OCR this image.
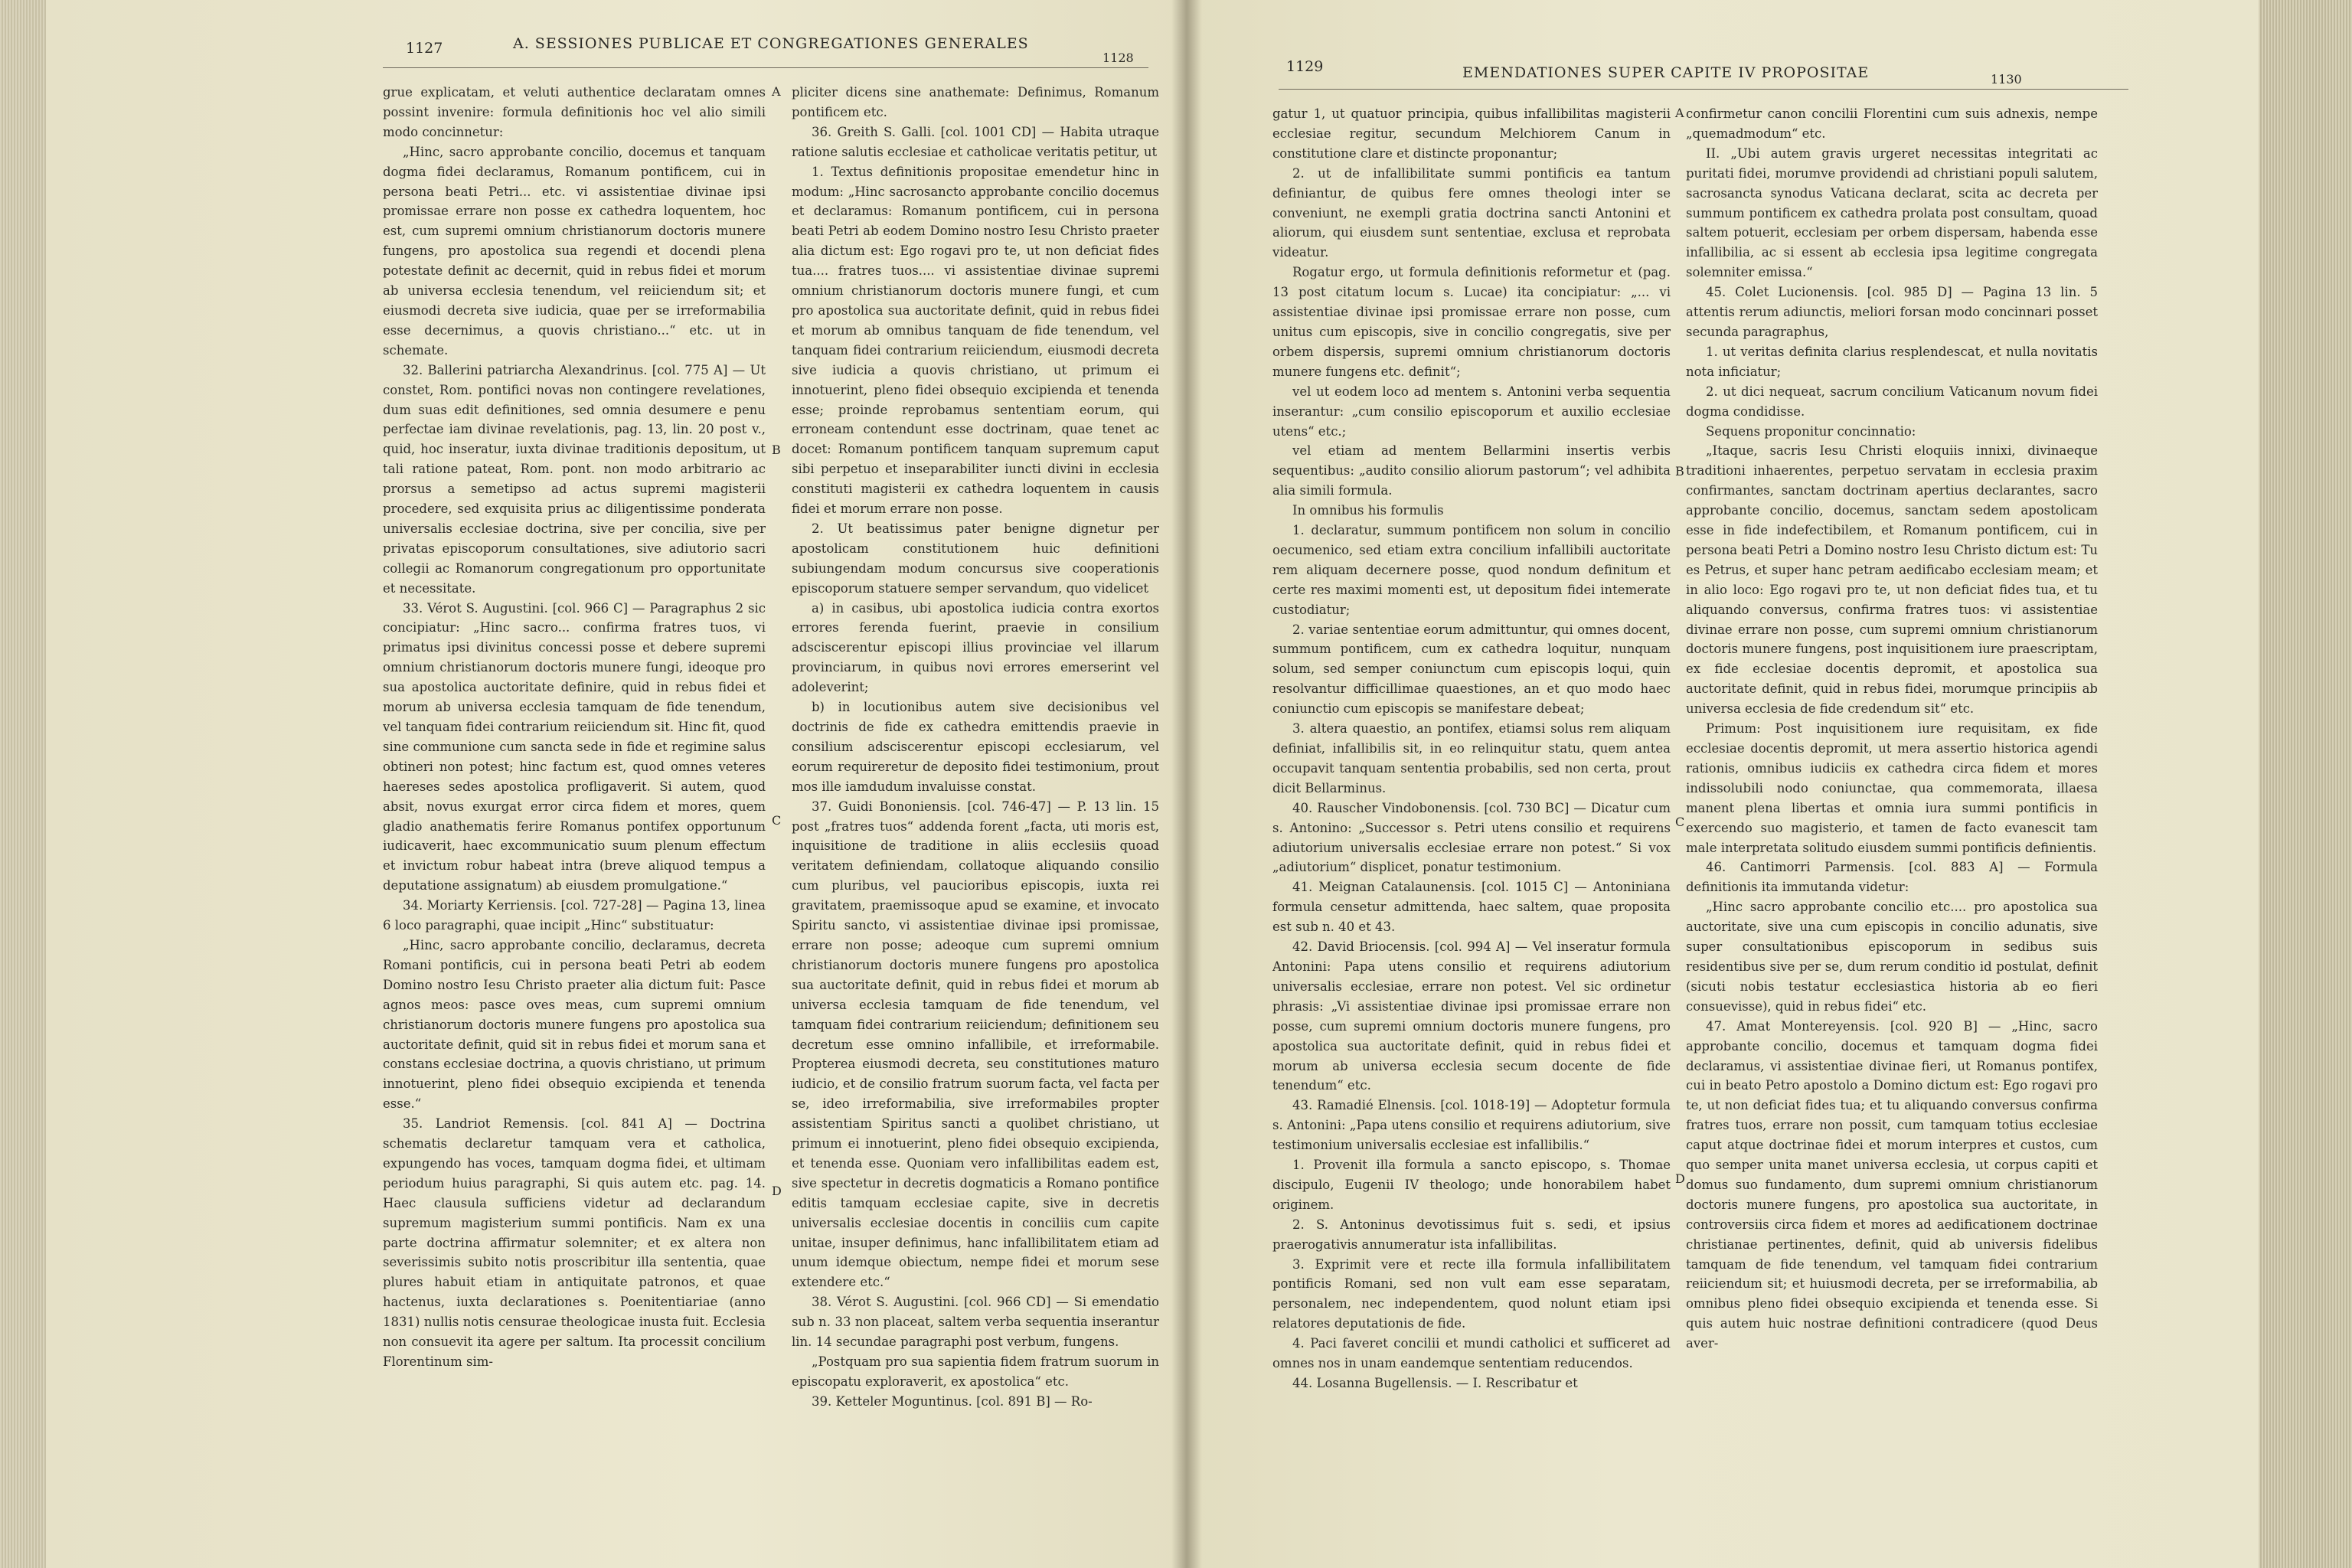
1127	A. SESSIONES PUBLICAE ET CONGREGATIONES GENERALES
1128

grue explicatam, et veluti authentice declaratam omnes possint invenire: formula definitionis hoc vel alio simili modo concinnetur:

„Hinc, sacro approbante concilio, docemus et tanquam dogma fidei declaramus, Romanum pontificem, cui in persona beati Petri... etc. vi assistentiae divinae ipsi promissae errare non posse ex cathedra loquentem, hoc est, cum supremi omnium christianorum doctoris munere fungens, pro apostolica sua regendi et docendi plena potestate definit ac decernit, quid in rebus fidei et morum ab universa ecclesia tenendum, vel reiiciendum sit; et eiusmodi decreta sive iudicia, quae per se irreformabilia esse decernimus, a quovis christiano...“ etc. ut in schemate.

32. Ballerini patriarcha Alexandrinus. [col. 775 A] — Ut constet, Rom. pontifici novas non contingere revelationes, dum suas edit definitiones, sed omnia desumere e penu perfectae iam divinae revelationis, pag. 13, lin. 20 post v., quid, hoc inseratur, iuxta divinae traditionis depositum, ut tali ratione pateat, Rom. pont. non modo arbitrario ac prorsus a semetipso ad actus supremi magisterii procedere, sed exquisita prius ac diligentissime ponderata universalis ecclesiae doctrina, sive per concilia, sive per privatas episcoporum consultationes, sive adiutorio sacri collegii ac Romanorum congregationum pro opportunitate et necessitate.

33. Vérot S. Augustini. [col. 966 C] — Paragraphus 2 sic concipiatur: „Hinc sacro... confirma fratres tuos, vi primatus ipsi divinitus concessi posse et debere supremi omnium christianorum doctoris munere fungi, ideoque pro sua apostolica auctoritate definire, quid in rebus fidei et morum ab universa ecclesia tamquam de fide tenendum, vel tanquam fidei contrarium reiiciendum sit. Hinc fit, quod sine communione cum sancta sede in fide et regimine salus obtineri non potest; hinc factum est, quod omnes veteres haereses sedes apostolica profligaverit. Si autem, quod absit, novus exurgat error circa fidem et mores, quem gladio anathematis ferire Romanus pontifex opportunum iudicaverit, haec excommunicatio suum plenum effectum et invictum robur habeat intra (breve aliquod tempus a deputatione assignatum) ab eiusdem promulgatione.“

34. Moriarty Kerriensis. [col. 727-28] — Pagina 13, linea 6 loco paragraphi, quae incipit „Hinc“ substituatur:

„Hinc, sacro approbante concilio, declaramus, decreta Romani pontificis, cui in persona beati Petri ab eodem Domino nostro Iesu Christo praeter alia dictum fuit: Pasce agnos meos: pasce oves meas, cum supremi omnium christianorum doctoris munere fungens pro apostolica sua auctoritate definit, quid sit in rebus fidei et morum sana et constans ecclesiae doctrina, a quovis christiano, ut primum innotuerint, pleno fidei obsequio excipienda et tenenda esse.“

35. Landriot Remensis. [col. 841 A] — Doctrina schematis declaretur tamquam vera et catholica, expungendo has voces, tamquam dogma fidei, et ultimam periodum huius paragraphi, Si quis autem etc. pag. 14. Haec clausula sufficiens videtur ad declarandum supremum magisterium summi pontificis. Nam ex una parte doctrina affirmatur solemniter; et ex altera non severissimis subito notis proscribitur illa sententia, quae plures habuit etiam in antiquitate patronos, et quae hactenus, iuxta declarationes s. Poenitentiariae (anno 1831) nullis notis censurae theologicae inusta fuit. Ecclesia non consuevit ita agere per saltum. Ita processit concilium Florentinum sim-

pliciter dicens sine anathemate: Definimus, Romanum pontificem etc.

36. Greith S. Galli. [col. 1001 CD] — Habita utraque ratione salutis ecclesiae et catholicae veritatis petitur, ut

1. Textus definitionis propositae emendetur hinc in modum: „Hinc sacrosancto approbante concilio docemus et declaramus: Romanum pontificem, cui in persona beati Petri ab eodem Domino nostro Iesu Christo praeter alia dictum est: Ego rogavi pro te, ut non deficiat fides tua.... fratres tuos.... vi assistentiae divinae supremi omnium christianorum doctoris munere fungi, et cum pro apostolica sua auctoritate definit, quid in rebus fidei et morum ab omnibus tanquam de fide tenendum, vel tanquam fidei contrarium reiiciendum, eiusmodi decreta sive iudicia a quovis christiano, ut primum ei innotuerint, pleno fidei obsequio excipienda et tenenda esse; proinde reprobamus sententiam eorum, qui erroneam contendunt esse doctrinam, quae tenet ac docet: Romanum pontificem tanquam supremum caput sibi perpetuo et inseparabiliter iuncti divini in ecclesia constituti magisterii ex cathedra loquentem in causis fidei et morum errare non posse.

2. Ut beatissimus pater benigne dignetur per apostolicam constitutionem huic definitioni subiungendam modum concursus sive cooperationis episcoporum statuere semper servandum, quo videlicet

a) in casibus, ubi apostolica iudicia contra exortos errores ferenda fuerint, praevie in consilium adsciscerentur episcopi illius provinciae vel illarum provinciarum, in quibus novi errores emerserint vel adoleverint;

b) in locutionibus autem sive decisionibus vel doctrinis de fide ex cathedra emittendis praevie in consilium adsciscerentur episcopi ecclesiarum, vel eorum requireretur de deposito fidei testimonium, prout mos ille iamdudum invaluisse constat.

37. Guidi Bononiensis. [col. 746-47] — P. 13 lin. 15 post „fratres tuos“ addenda forent „facta, uti moris est, inquisitione de traditione in aliis ecclesiis quoad veritatem definiendam, collatoque aliquando consilio cum pluribus, vel paucioribus episcopis, iuxta rei gravitatem, praemissoque apud se examine, et invocato Spiritu sancto, vi assistentiae divinae ipsi promissae, errare non posse; adeoque cum supremi omnium christianorum doctoris munere fungens pro apostolica sua auctoritate definit, quid in rebus fidei et morum ab universa ecclesia tamquam de fide tenendum, vel tamquam fidei contrarium reiiciendum; definitionem seu decretum esse omnino infallibile, et irreformabile. Propterea eiusmodi decreta, seu constitutiones maturo iudicio, et de consilio fratrum suorum facta, vel facta per se, ideo irreformabilia, sive irreformabiles propter assistentiam Spiritus sancti a quolibet christiano, ut primum ei innotuerint, pleno fidei obsequio excipienda, et tenenda esse. Quoniam vero infallibilitas eadem est, sive spectetur in decretis dogmaticis a Romano pontifice editis tamquam ecclesiae capite, sive in decretis universalis ecclesiae docentis in conciliis cum capite unitae, insuper definimus, hanc infallibilitatem etiam ad unum idemque obiectum, nempe fidei et morum sese extendere etc.“

38. Vérot S. Augustini. [col. 966 CD] — Si emendatio sub n. 33 non placeat, saltem verba sequentia inserantur lin. 14 secundae paragraphi post verbum, fungens.

„Postquam pro sua sapientia fidem fratrum suorum in episcopatu exploraverit, ex apostolica“ etc.

39. Ketteler Moguntinus. [col. 891 B] — Ro-

A
B
C
D
1129	EMENDATIONES SUPER CAPITE IV PROPOSITAE	1130

gatur 1, ut quatuor principia, quibus infallibilitas magisterii ecclesiae regitur, secundum Melchiorem Canum in constitutione clare et distincte proponantur;

2. ut de infallibilitate summi pontificis ea tantum definiantur, de quibus fere omnes theologi inter se conveniunt, ne exempli gratia doctrina sancti Antonini et aliorum, qui eiusdem sunt sententiae, exclusa et reprobata videatur.

Rogatur ergo, ut formula definitionis reformetur et (pag. 13 post citatum locum s. Lucae) ita concipiatur: „... vi assistentiae divinae ipsi promissae errare non posse, cum unitus cum episcopis, sive in concilio congregatis, sive per orbem dispersis, supremi omnium christianorum doctoris munere fungens etc. definit“;

vel ut eodem loco ad mentem s. Antonini verba sequentia inserantur: „cum consilio episcoporum et auxilio ecclesiae utens“ etc.;

vel etiam ad mentem Bellarmini insertis verbis sequentibus: „audito consilio aliorum pastorum“; vel adhibita alia simili formula.

In omnibus his formulis

1. declaratur, summum pontificem non solum in concilio oecumenico, sed etiam extra concilium infallibili auctoritate rem aliquam decernere posse, quod nondum definitum et certe res maximi momenti est, ut depositum fidei intemerate custodiatur;

2. variae sententiae eorum admittuntur, qui omnes docent, summum pontificem, cum ex cathedra loquitur, nunquam solum, sed semper coniunctum cum episcopis loqui, quin resolvantur difficillimae quaestiones, an et quo modo haec coniunctio cum episcopis se manifestare debeat;

3. altera quaestio, an pontifex, etiamsi solus rem aliquam definiat, infallibilis sit, in eo relinquitur statu, quem antea occupavit tanquam sententia probabilis, sed non certa, prout dicit Bellarminus.

40. Rauscher Vindobonensis. [col. 730 BC] — Dicatur cum s. Antonino: „Successor s. Petri utens consilio et requirens adiutorium universalis ecclesiae errare non potest.“ Si vox „adiutorium“ displicet, ponatur testimonium.

41. Meignan Catalaunensis. [col. 1015 C] — Antoniniana formula censetur admittenda, haec saltem, quae proposita est sub n. 40 et 43.

42. David Briocensis. [col. 994 A] — Vel inseratur formula Antonini: Papa utens consilio et requirens adiutorium universalis ecclesiae, errare non potest. Vel sic ordinetur phrasis: „Vi assistentiae divinae ipsi promissae errare non posse, cum supremi omnium doctoris munere fungens, pro apostolica sua auctoritate definit, quid in rebus fidei et morum ab universa ecclesia secum docente de fide tenendum“ etc.

43. Ramadié Elnensis. [col. 1018-19] — Adoptetur formula s. Antonini: „Papa utens consilio et requirens adiutorium, sive testimonium universalis ecclesiae est infallibilis.“

1. Provenit illa formula a sancto episcopo, s. Thomae discipulo, Eugenii IV theologo; unde honorabilem habet originem.

2. S. Antoninus devotissimus fuit s. sedi, et ipsius praerogativis annumeratur ista infallibilitas.

3. Exprimit vere et recte illa formula infallibilitatem pontificis Romani, sed non vult eam esse separatam, personalem, nec independentem, quod nolunt etiam ipsi relatores deputationis de fide.

4. Paci faveret concilii et mundi catholici et sufficeret ad omnes nos in unam eandemque sententiam reducendos.

44. Losanna Bugellensis. — I. Rescribatur et

confirmetur canon concilii Florentini cum suis adnexis, nempe „quemadmodum“ etc.

II. „Ubi autem gravis urgeret necessitas integritati ac puritati fidei, morumve providendi ad christiani populi salutem, sacrosancta synodus Vaticana declarat, scita ac decreta per summum pontificem ex cathedra prolata post consultam, quoad saltem potuerit, ecclesiam per orbem dispersam, habenda esse infallibilia, ac si essent ab ecclesia ipsa legitime congregata solemniter emissa.“

45. Colet Lucionensis. [col. 985 D] — Pagina 13 lin. 5 attentis rerum adiunctis, meliori forsan modo concinnari posset secunda paragraphus,

1. ut veritas definita clarius resplendescat, et nulla novitatis nota inficiatur;

2. ut dici nequeat, sacrum concilium Vaticanum novum fidei dogma condidisse.

Sequens proponitur concinnatio:

„Itaque, sacris Iesu Christi eloquiis innixi, divinaeque traditioni inhaerentes, perpetuo servatam in ecclesia praxim confirmantes, sanctam doctrinam apertius declarantes, sacro approbante concilio, docemus, sanctam sedem apostolicam esse in fide indefectibilem, et Romanum pontificem, cui in persona beati Petri a Domino nostro Iesu Christo dictum est: Tu es Petrus, et super hanc petram aedificabo ecclesiam meam; et in alio loco: Ego rogavi pro te, ut non deficiat fides tua, et tu aliquando conversus, confirma fratres tuos: vi assistentiae divinae errare non posse, cum supremi omnium christianorum doctoris munere fungens, post inquisitionem iure praescriptam, ex fide ecclesiae docentis depromit, et apostolica sua auctoritate definit, quid in rebus fidei, morumque principiis ab universa ecclesia de fide credendum sit“ etc.

Primum: Post inquisitionem iure requisitam, ex fide ecclesiae docentis depromit, ut mera assertio historica agendi rationis, omnibus iudiciis ex cathedra circa fidem et mores indissolubili nodo coniunctae, qua commemorata, illaesa manent plena libertas et omnia iura summi pontificis in exercendo suo magisterio, et tamen de facto evanescit tam male interpretata solitudo eiusdem summi pontificis definientis.

46. Cantimorri Parmensis. [col. 883 A] — Formula definitionis ita immutanda videtur:

„Hinc sacro approbante concilio etc.... pro apostolica sua auctoritate, sive una cum episcopis in concilio adunatis, sive super consultationibus episcoporum in sedibus suis residentibus sive per se, dum rerum conditio id postulat, definit (sicuti nobis testatur ecclesiastica historia ab eo fieri consuevisse), quid in rebus fidei“ etc.

47. Amat Montereyensis. [col. 920 B] — „Hinc, sacro approbante concilio, docemus et tamquam dogma fidei declaramus, vi assistentiae divinae fieri, ut Romanus pontifex, cui in beato Petro apostolo a Domino dictum est: Ego rogavi pro te, ut non deficiat fides tua; et tu aliquando conversus confirma fratres tuos, errare non possit, cum tamquam totius ecclesiae caput atque doctrinae fidei et morum interpres et custos, cum quo semper unita manet universa ecclesia, ut corpus capiti et domus suo fundamento, dum supremi omnium christianorum doctoris munere fungens, pro apostolica sua auctoritate, in controversiis circa fidem et mores ad aedificationem doctrinae christianae pertinentes, definit, quid ab universis fidelibus tamquam de fide tenendum, vel tamquam fidei contrarium reiiciendum sit; et huiusmodi decreta, per se irreformabilia, ab omnibus pleno fidei obsequio excipienda et tenenda esse. Si quis autem huic nostrae definitioni contradicere (quod Deus aver-

A
B
C
D
